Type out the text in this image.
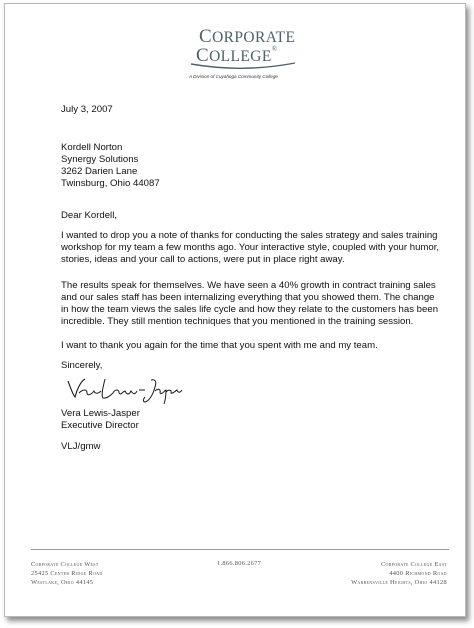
CORPORATE
COLLEGE®
A Division of Cuyahoga Community College
July 3, 2007
Kordell Norton
Synergy Solutions
3262 Darien Lane
Twinsburg, Ohio 44087
Dear Kordell,
I wanted to drop you a note of thanks for conducting the sales strategy and sales training workshop for my team a few months ago. Your interactive style, coupled with your humor, stories, ideas and your call to actions, were put in place right away.
The results speak for themselves. We have seen a 40% growth in contract training sales and our sales staff has been internalizing everything that you showed them. The change in how the team views the sales life cycle and how they relate to the customers has been incredible. They still mention techniques that you mentioned in the training session.
I want to thank you again for the time that you spent with me and my team.
Sincerely,
Vera Lewis-Jasper
Executive Director
VLJ/gmw
Corporate College West
25425 Center Ridge Road
Westlake, Ohio 44145
1.866.806.2677	Corporate College East
4400 Richmond Road
Warrensville Heights, Ohio 44128
